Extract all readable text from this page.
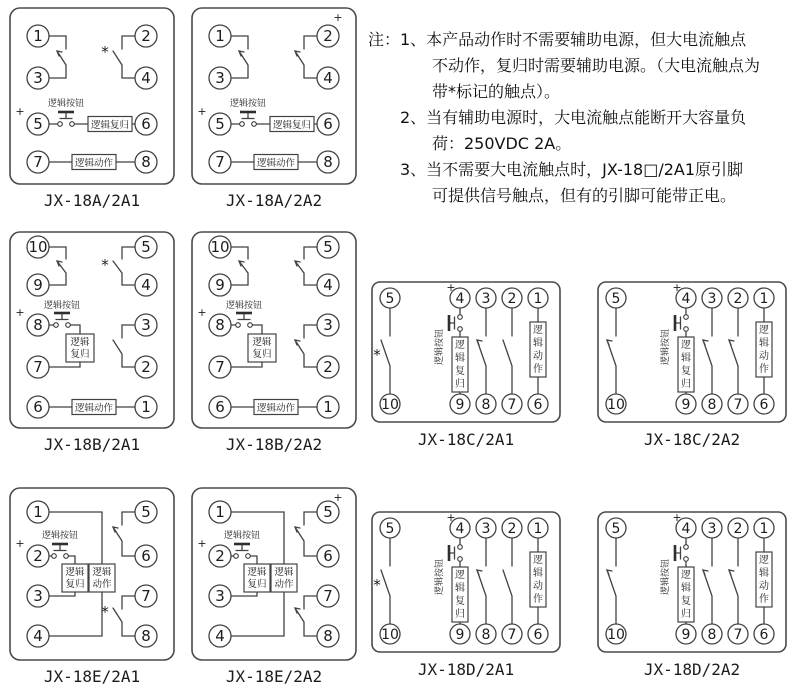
1	2
3	4
5	6
7	8
*
+
逻辑按钮
逻辑复归
逻辑动作
JX-18A/2A1
1	2
3	4
5	6
7	8
+
+
逻辑按钮
逻辑复归
逻辑动作
JX-18A/2A2
注：1、本产品动作时不需要辅助电源，但大电流触点
不动作，复归时需要辅助电源。（大电流触点为
带*标记的触点）。
2、当有辅助电源时，大电流触点能断开大容量负
荷：250VDC 2A。
3、当不需要大电流触点时，JX-18□/2A1原引脚
可提供信号触点，但有的引脚可能带正电。
10	5
9	4
8	3
7	2
6	1
*
+ 逻辑按钮
逻辑
复归
逻辑动作
JX-18B/2A1
10	5
9	4
8	3
7	2
6	1
+ 逻辑按钮
逻辑
复归
逻辑动作
JX-18B/2A2
5	4 3 2 1
10	9 8 7 6
*
+
逻辑按钮 逻
辑
复
归
逻
辑
动
作
JX-18C/2A1
5	4 3 2 1
10	9 8 7 6
+
逻辑按钮 逻
辑
复
归
逻
辑
动
作
JX-18C/2A2
1	5
2	6
3	7
4	8
*
+
逻辑按钮
逻辑
复归
逻辑
动作
JX-18E/2A1
1	5
2	6
3	7
4	8
+
+
逻辑按钮
逻辑
复归
逻辑
动作
JX-18E/2A2
5	4 3 2 1
10	9 8 7 6
*
+
逻辑按钮 逻
辑
复
归
逻
辑
动
作
JX-18D/2A1
5	4 3 2 1
10	9 8 7 6
+
逻辑按钮 逻
辑
复
归
逻
辑
动
作
JX-18D/2A2
